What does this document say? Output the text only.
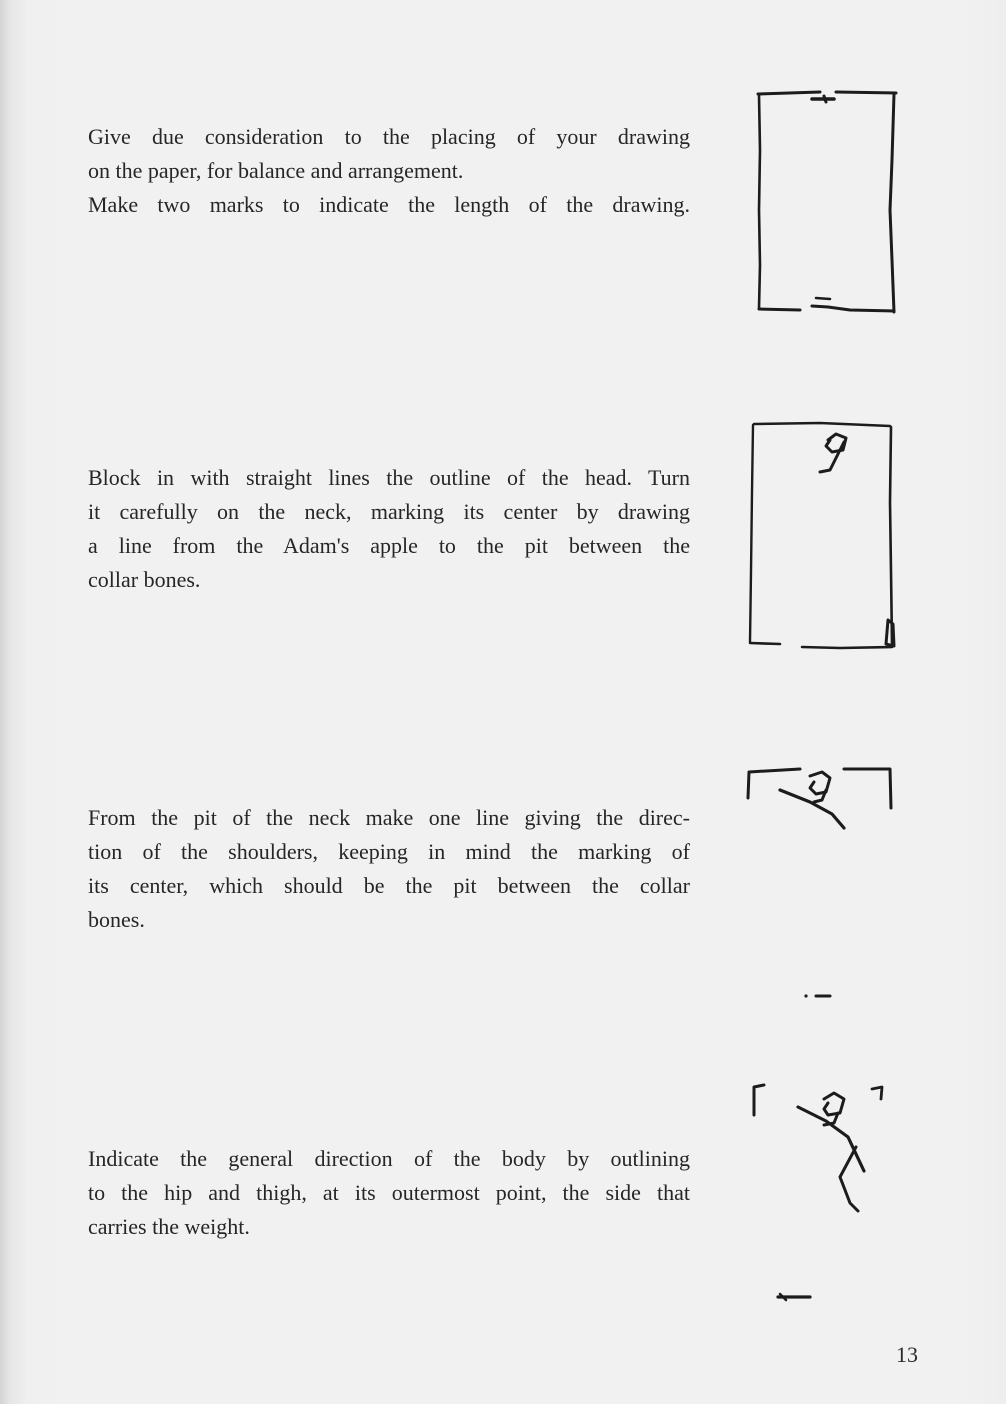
Give due consideration to the placing of your drawing
on the paper, for balance and arrangement.
Make two marks to indicate the length of the drawing.

Block in with straight lines the outline of the head. Turn
it carefully on the neck, marking its center by drawing
a line from the Adam's apple to the pit between the
collar bones.

From the pit of the neck make one line giving the direc-
tion of the shoulders, keeping in mind the marking of
its center, which should be the pit between the collar
bones.

Indicate the general direction of the body by outlining
to the hip and thigh, at its outermost point, the side that
carries the weight.

13
